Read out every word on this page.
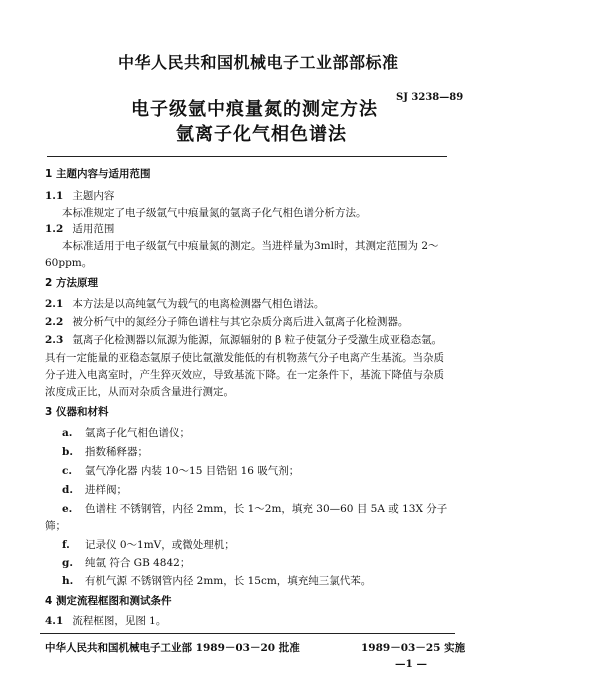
中华人民共和国机械电子工业部部标准
SJ 3238—89
电子级氩中痕量氮的测定方法
氩离子化气相色谱法
1 主题内容与适用范围
1.1 主题内容
本标准规定了电子级氩气中痕量氮的氩离子化气相色谱分析方法。
1.2 适用范围
本标准适用于电子级氩气中痕量氮的测定。当进样量为3ml时，其测定范围为 2～
60ppm。
2 方法原理
2.1 本方法是以高纯氩气为载气的电离检测器气相色谱法。
2.2 被分析气中的氮经分子筛色谱柱与其它杂质分离后进入氩离子化检测器。
2.3 氩离子化检测器以氚源为能源，氚源辐射的 β 粒子使氩分子受激生成亚稳态氩。
具有一定能量的亚稳态氩原子使比氩激发能低的有机物蒸气分子电离产生基流。当杂质
分子进入电离室时，产生猝灭效应，导致基流下降。在一定条件下，基流下降值与杂质
浓度成正比，从而对杂质含量进行测定。
3 仪器和材料
a. 氩离子化气相色谱仪；
b. 指数稀释器；
c. 氩气净化器 内装 10～15 目锆铝 16 吸气剂；
d. 进样阀；
e. 色谱柱 不锈钢管，内径 2mm，长 1～2m，填充 30—60 目 5A 或 13X 分子
筛；
f. 记录仪 0～1mV，或微处理机；
g. 纯氩 符合 GB 4842；
h. 有机气源 不锈钢管内径 2mm，长 15cm，填充纯三氯代苯。
4 测定流程框图和测试条件
4.1 流程框图，见图 1。
中华人民共和国机械电子工业部 1989－03－20 批准	1989－03－25 实施
—1 —
